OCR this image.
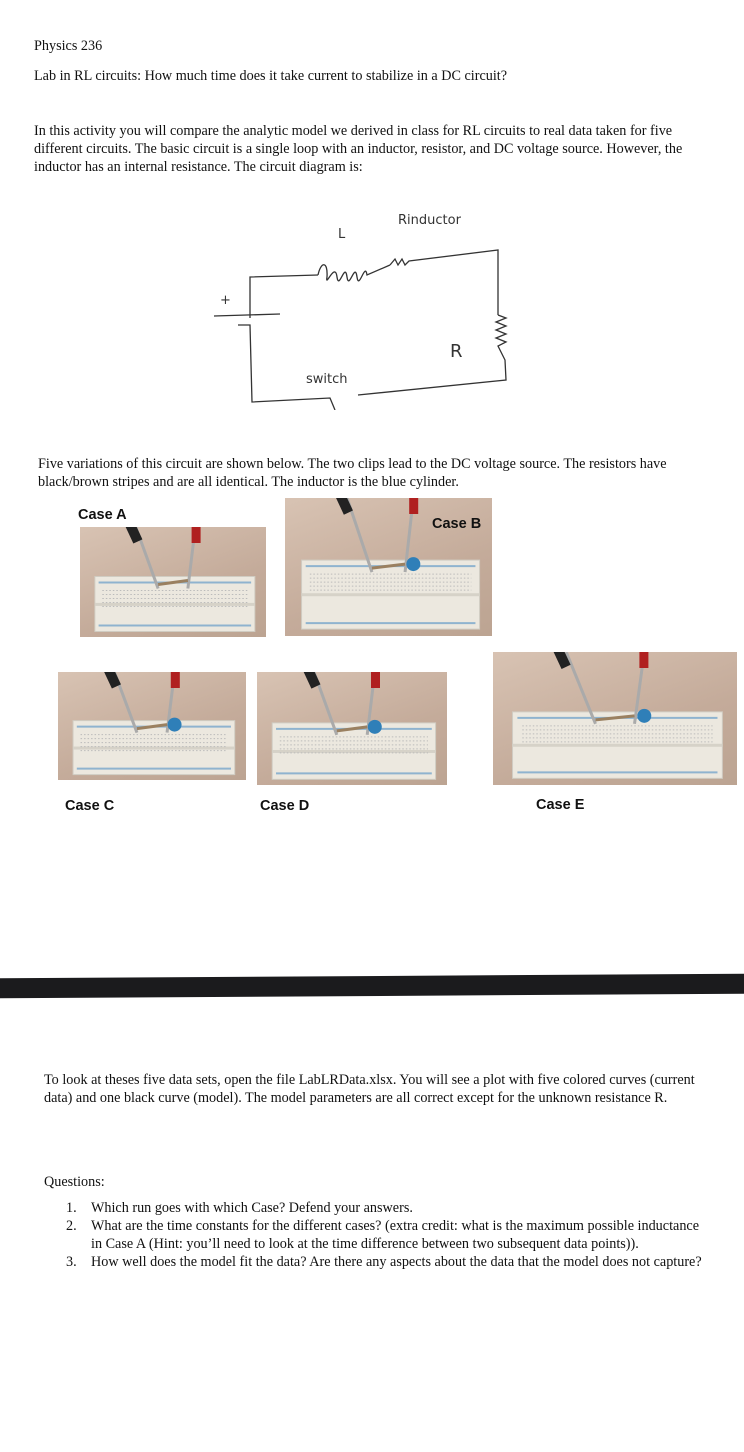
Physics 236
Lab in RL circuits: How much time does it take current to stabilize in a DC circuit?
In this activity you will compare the analytic model we derived in class for RL circuits to real data taken for five different circuits. The basic circuit is a single loop with an inductor, resistor, and DC voltage source. However, the inductor has an internal resistance. The circuit diagram is:
L
Rinductor
+
R
switch
Five variations of this circuit are shown below. The two clips lead to the DC voltage source. The resistors have black/brown stripes and are all identical. The inductor is the blue cylinder.
Case A
Case B
Case C	Case D	Case E
To look at theses five data sets, open the file LabLRData.xlsx. You will see a plot with five colored curves (current data) and one black curve (model). The model parameters are all correct except for the unknown resistance R.
Questions:
1. Which run goes with which Case? Defend your answers.
2. What are the time constants for the different cases? (extra credit: what is the maximum possible inductance in Case A (Hint: you’ll need to look at the time difference between two subsequent data points)).
3. How well does the model fit the data? Are there any aspects about the data that the model does not capture?
